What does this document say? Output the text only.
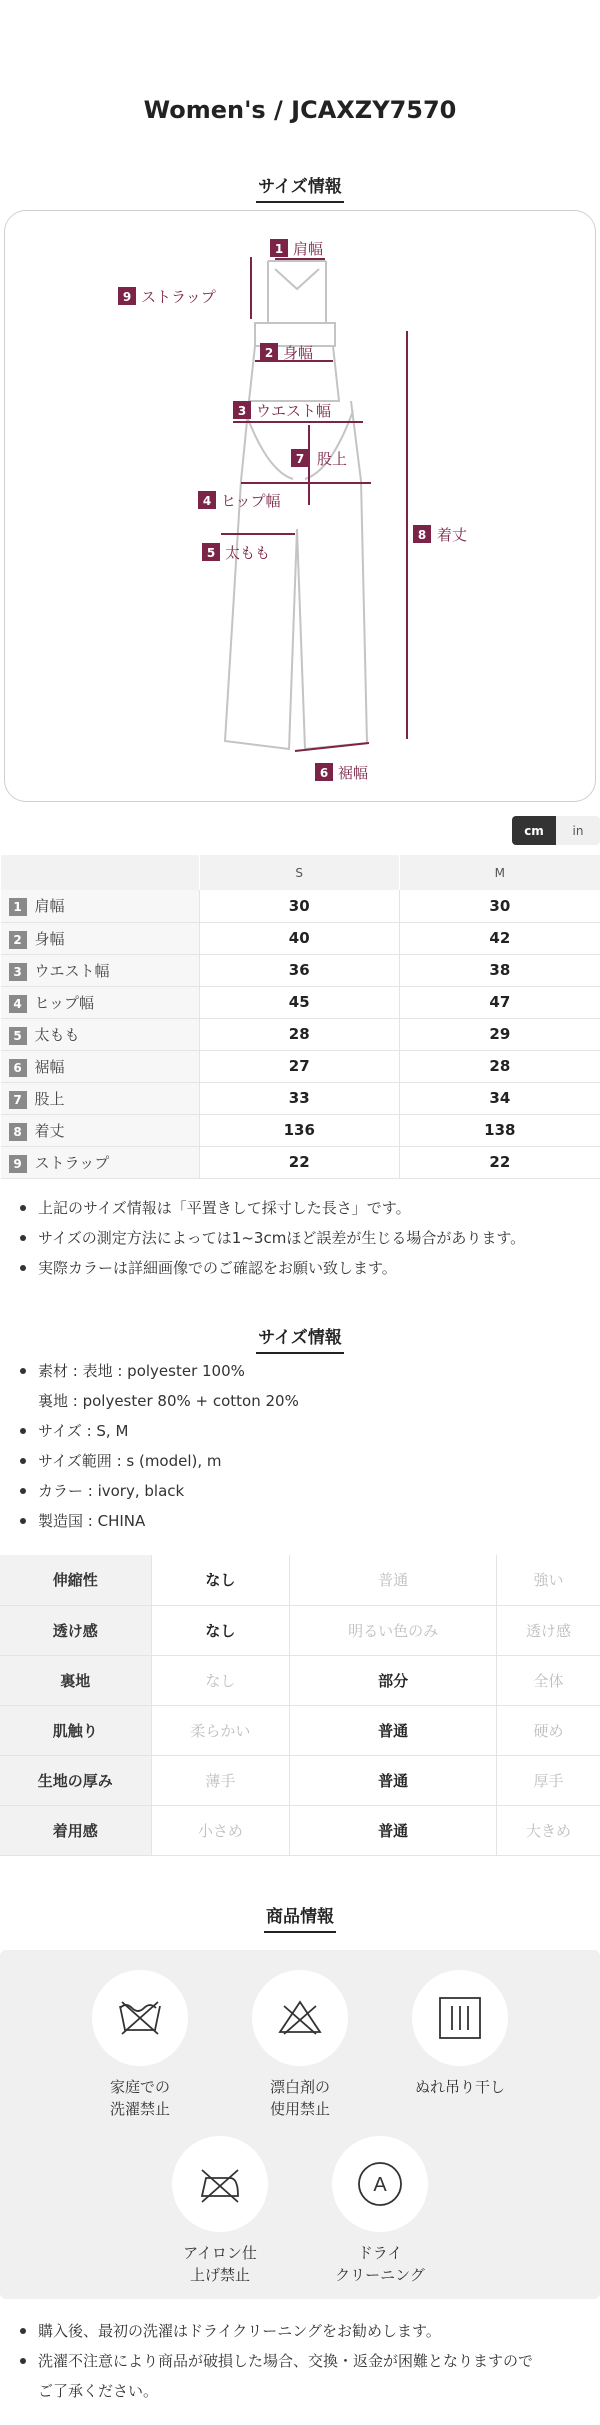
Women's / JCAXZY7570
サイズ情報
1 肩幅
9 ストラップ
2 身幅
3 ウエスト幅
7 股上
4 ヒップ幅
8 着丈
5 太もも
6 裾幅
cm	in
	S	M
1 肩幅	30	30
2 身幅	40	42
3 ウエスト幅	36	38
4 ヒップ幅	45	47
5 太もも	28	29
6 裾幅	27	28
7 股上	33	34
8 着丈	136	138
9 ストラップ	22	22
上記のサイズ情報は「平置きして採寸した長さ」です。
サイズの測定方法によっては1~3cmほど誤差が生じる場合があります。
実際カラーは詳細画像でのご確認をお願い致します。
サイズ情報
素材 : 表地 : polyester 100%
裏地 : polyester 80% + cotton 20%
サイズ : S, M
サイズ範囲 : s (model), m
カラー : ivory, black
製造国 : CHINA
伸縮性	なし	普通	強い
透け感	なし	明るい色のみ	透け感
裏地	なし	部分	全体
肌触り	柔らかい	普通	硬め
生地の厚み	薄手	普通	厚手
着用感	小さめ	普通	大きめ
商品情報
家庭での
洗濯禁止
漂白剤の
使用禁止
ぬれ吊り干し
アイロン仕
上げ禁止
A
ドライ
クリーニング
購入後、最初の洗濯はドライクリーニングをお勧めします。
洗濯不注意により商品が破損した場合、交換・返金が困難となりますので
ご了承ください。
